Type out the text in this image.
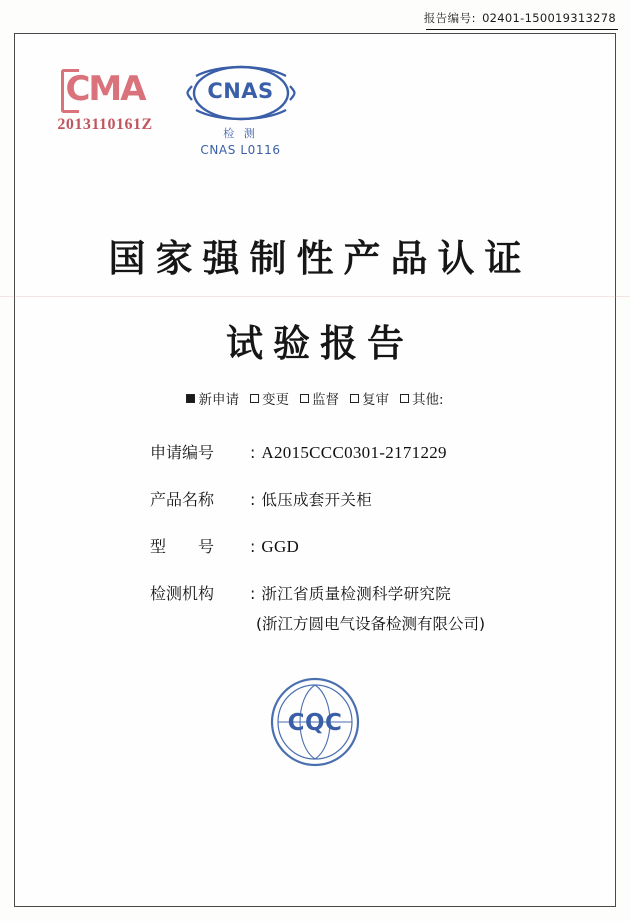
报告编号: 02401-150019313278
CMA
2013110161Z
CNAS
检 测
CNAS L0116
国家强制性产品认证
试验报告
新申请 变更 监督 复审 其他:
申请编号	: A2015CCC0301-2171229
产品名称	: 低压成套开关柜
型　　号	: GGD
检测机构	: 浙江省质量检测科学研究院
(浙江方圆电气设备检测有限公司)
CQC
